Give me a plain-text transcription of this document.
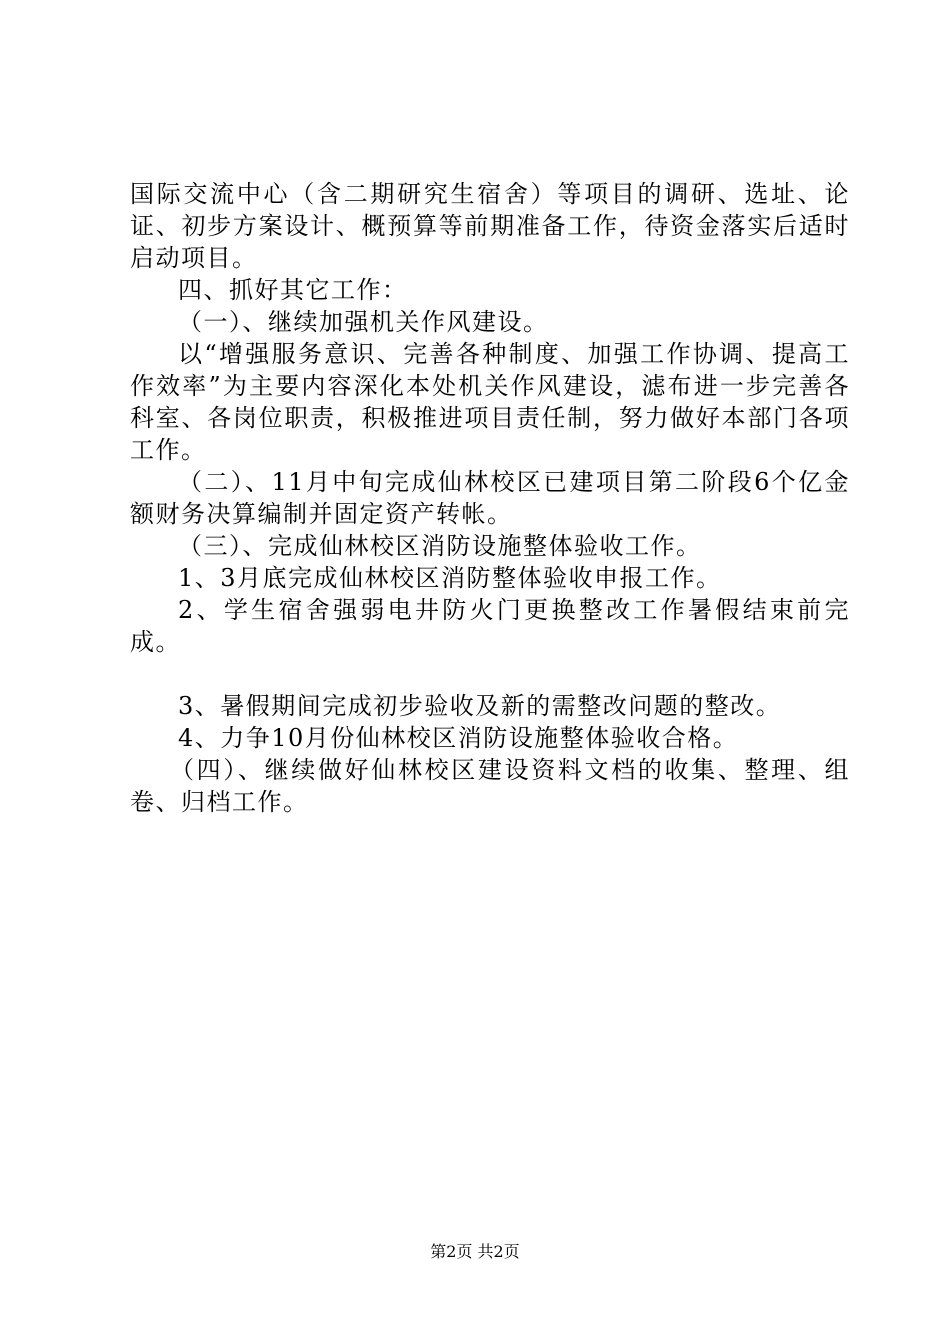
国际交流中心（含二期研究生宿舍）等项目的调研、选址、论证、初步方案设计、概预算等前期准备工作，待资金落实后适时启动项目。

四、抓好其它工作：

（一）、继续加强机关作风建设。

以“增强服务意识、完善各种制度、加强工作协调、提高工作效率”为主要内容深化本处机关作风建设，滤布进一步完善各科室、各岗位职责，积极推进项目责任制，努力做好本部门各项工作。

（二）、11月中旬完成仙林校区已建项目第二阶段6个亿金额财务决算编制并固定资产转帐。

（三）、完成仙林校区消防设施整体验收工作。

1、3月底完成仙林校区消防整体验收申报工作。

2、学生宿舍强弱电井防火门更换整改工作暑假结束前完成。

3、暑假期间完成初步验收及新的需整改问题的整改。

4、力争10月份仙林校区消防设施整体验收合格。

（四）、继续做好仙林校区建设资料文档的收集、整理、组卷、归档工作。

第2页 共2页
